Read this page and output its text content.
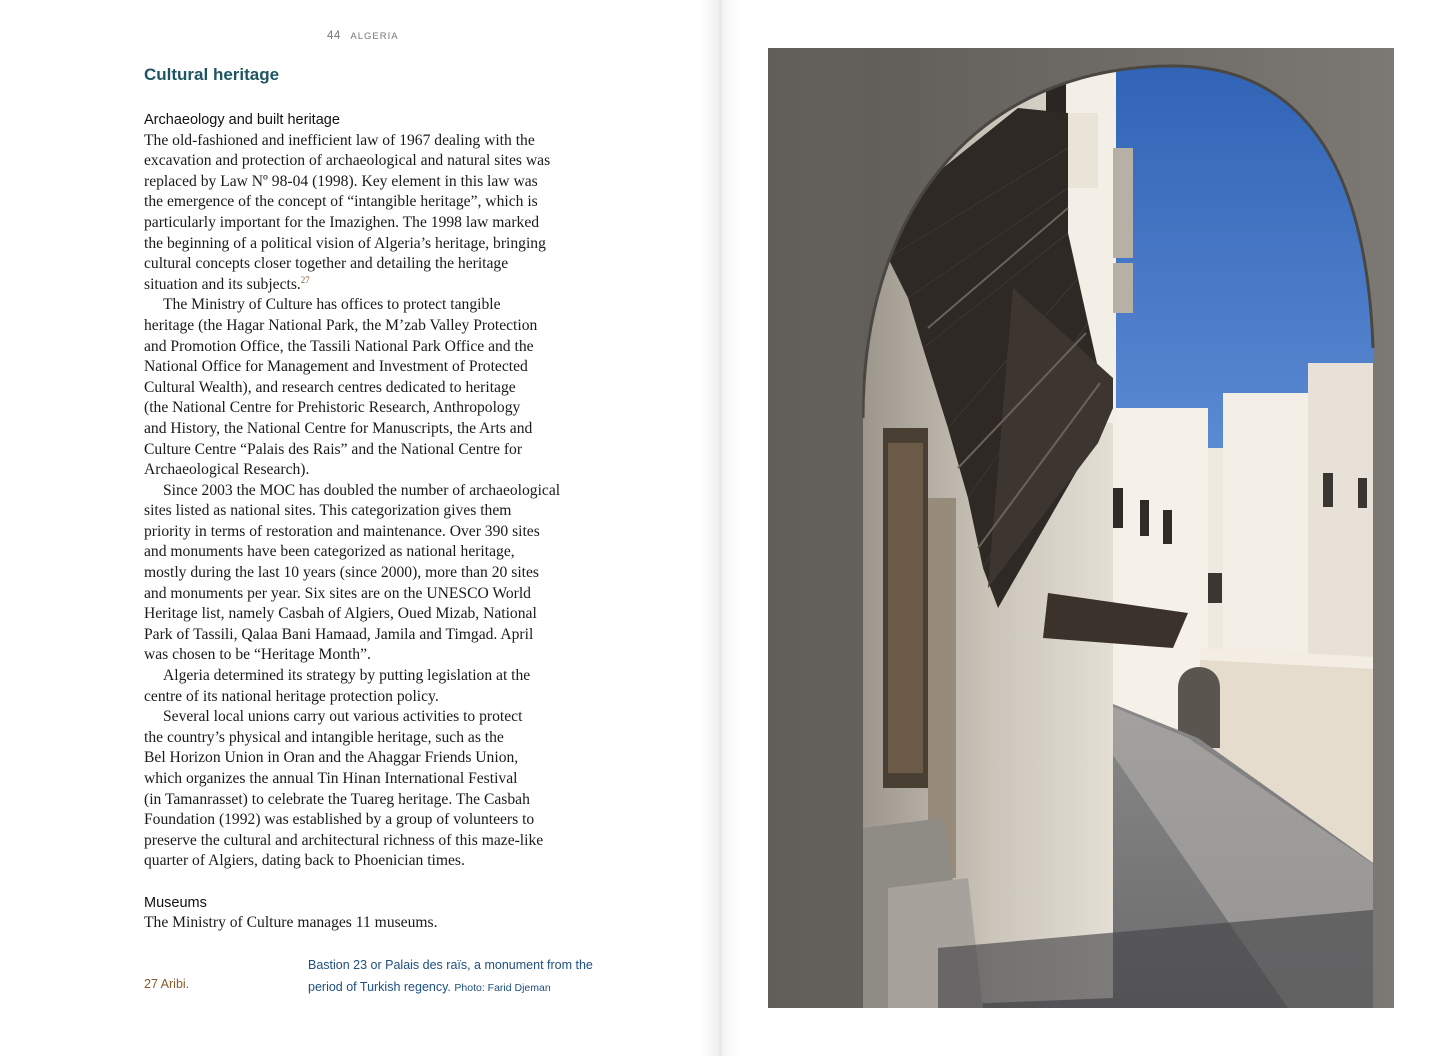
44 ALGERIA
Cultural heritage
Archaeology and built heritage

The old-fashioned and inefficient law of 1967 dealing with the
excavation and protection of archaeological and natural sites was
replaced by Law Nº 98-04 (1998). Key element in this law was
the emergence of the concept of “intangible heritage”, which is
particularly important for the Imazighen. The 1998 law marked
the beginning of a political vision of Algeria’s heritage, bringing
cultural concepts closer together and detailing the heritage
situation and its subjects.$^{27}$

The Ministry of Culture has offices to protect tangible
heritage (the Hagar National Park, the M’zab Valley Protection
and Promotion Office, the Tassili National Park Office and the
National Office for Management and Investment of Protected
Cultural Wealth), and research centres dedicated to heritage
(the National Centre for Prehistoric Research, Anthropology
and History, the National Centre for Manuscripts, the Arts and
Culture Centre “Palais des Rais” and the National Centre for
Archaeological Research).

Since 2003 the MOC has doubled the number of archaeological
sites listed as national sites. This categorization gives them
priority in terms of restoration and maintenance. Over 390 sites
and monuments have been categorized as national heritage,
mostly during the last 10 years (since 2000), more than 20 sites
and monuments per year. Six sites are on the UNESCO World
Heritage list, namely Casbah of Algiers, Oued Mizab, National
Park of Tassili, Qalaa Bani Hamaad, Jamila and Timgad. April
was chosen to be “Heritage Month”.

Algeria determined its strategy by putting legislation at the
centre of its national heritage protection policy.

Several local unions carry out various activities to protect
the country’s physical and intangible heritage, such as the
Bel Horizon Union in Oran and the Ahaggar Friends Union,
which organizes the annual Tin Hinan International Festival
(in Tamanrasset) to celebrate the Tuareg heritage. The Casbah
Foundation (1992) was established by a group of volunteers to
preserve the cultural and architectural richness of this maze-like
quarter of Algiers, dating back to Phoenician times.

Museums

The Ministry of Culture manages 11 museums.

27 Aribi.
Bastion 23 or Palais des raïs, a monument from the period of Turkish regency. Photo: Farid Djeman
